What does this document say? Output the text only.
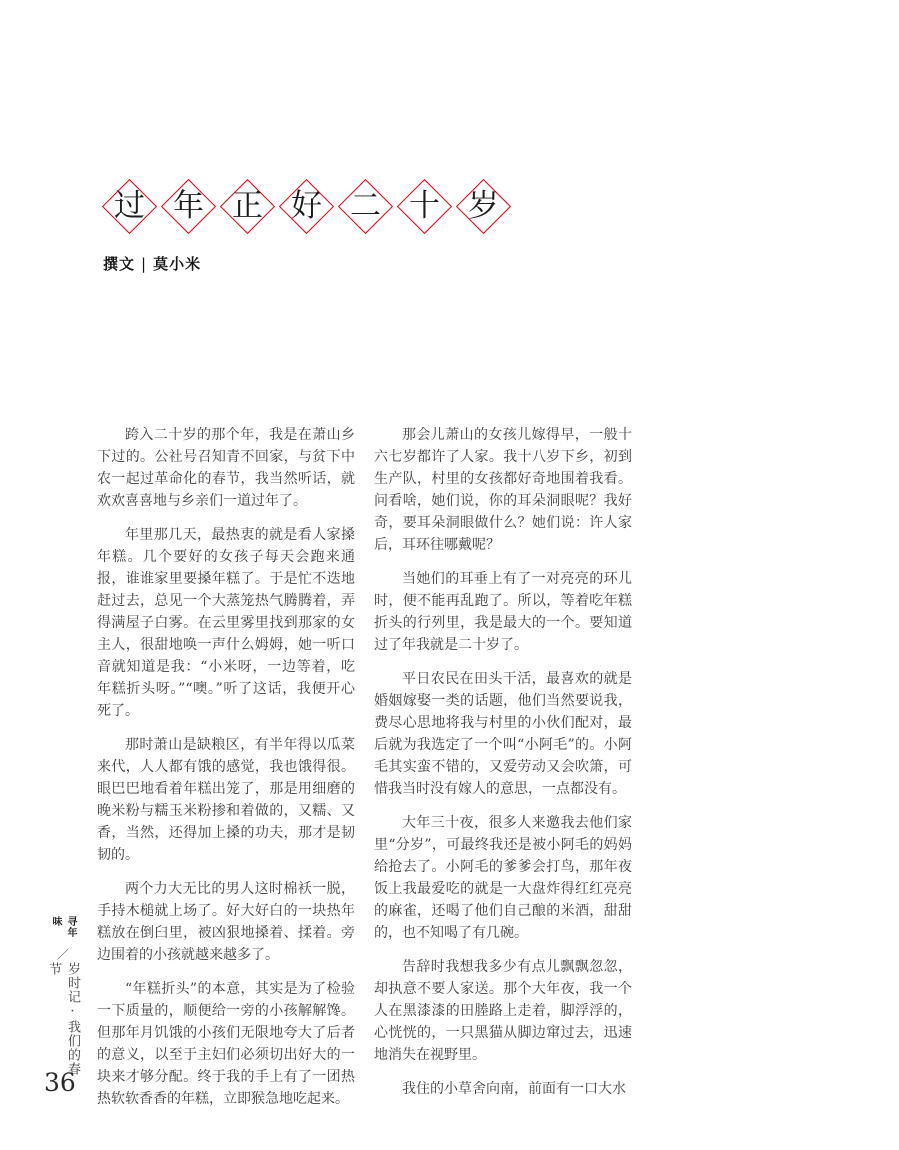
过 年 正 好 二 十 岁
撰文 | 莫小米

跨入二十岁的那个年，我是在萧山乡下过的。公社号召知青不回家，与贫下中农一起过革命化的春节，我当然听话，就欢欢喜喜地与乡亲们一道过年了。

年里那几天，最热衷的就是看人家搡年糕。几个要好的女孩子每天会跑来通报，谁谁家里要搡年糕了。于是忙不迭地赶过去，总见一个大蒸笼热气腾腾着，弄得满屋子白雾。在云里雾里找到那家的女主人，很甜地唤一声什么姆姆，她一听口音就知道是我：“小米呀，一边等着，吃年糕折头呀。”“噢。”听了这话，我便开心死了。

那时萧山是缺粮区，有半年得以瓜菜来代，人人都有饿的感觉，我也饿得很。眼巴巴地看着年糕出笼了，那是用细磨的晚米粉与糯玉米粉掺和着做的，又糯、又香，当然，还得加上搡的功夫，那才是韧韧的。

两个力大无比的男人这时棉袄一脱，手持木槌就上场了。好大好白的一块热年糕放在倒臼里，被凶狠地搡着、揉着。旁边围着的小孩就越来越多了。

“年糕折头”的本意，其实是为了检验一下质量的，顺便给一旁的小孩解解馋。但那年月饥饿的小孩们无限地夸大了后者的意义，以至于主妇们必须切出好大的一块来才够分配。终于我的手上有了一团热热软软香香的年糕，立即猴急地吃起来。

那会儿萧山的女孩儿嫁得早，一般十六七岁都许了人家。我十八岁下乡，初到生产队，村里的女孩都好奇地围着我看。问看啥，她们说，你的耳朵洞眼呢？我好奇，要耳朵洞眼做什么？她们说：许人家后，耳环往哪戴呢？

当她们的耳垂上有了一对亮亮的环儿时，便不能再乱跑了。所以，等着吃年糕折头的行列里，我是最大的一个。要知道过了年我就是二十岁了。

平日农民在田头干活，最喜欢的就是婚姻嫁娶一类的话题，他们当然要说我，费尽心思地将我与村里的小伙们配对，最后就为我选定了一个叫“小阿毛”的。小阿毛其实蛮不错的，又爱劳动又会吹箫，可惜我当时没有嫁人的意思，一点都没有。

大年三十夜，很多人来邀我去他们家里“分岁”，可最终我还是被小阿毛的妈妈给抢去了。小阿毛的爹爹会打鸟，那年夜饭上我最爱吃的就是一大盘炸得红红亮亮的麻雀，还喝了他们自己酿的米酒，甜甜的，也不知喝了有几碗。

告辞时我想我多少有点儿飘飘忽忽，却执意不要人家送。那个大年夜，我一个人在黑漆漆的田塍路上走着，脚浮浮的，心恍恍的，一只黑猫从脚边窜过去，迅速地消失在视野里。

我住的小草舍向南，前面有一口大水

寻年味
／
岁时记·我们的春节
36
